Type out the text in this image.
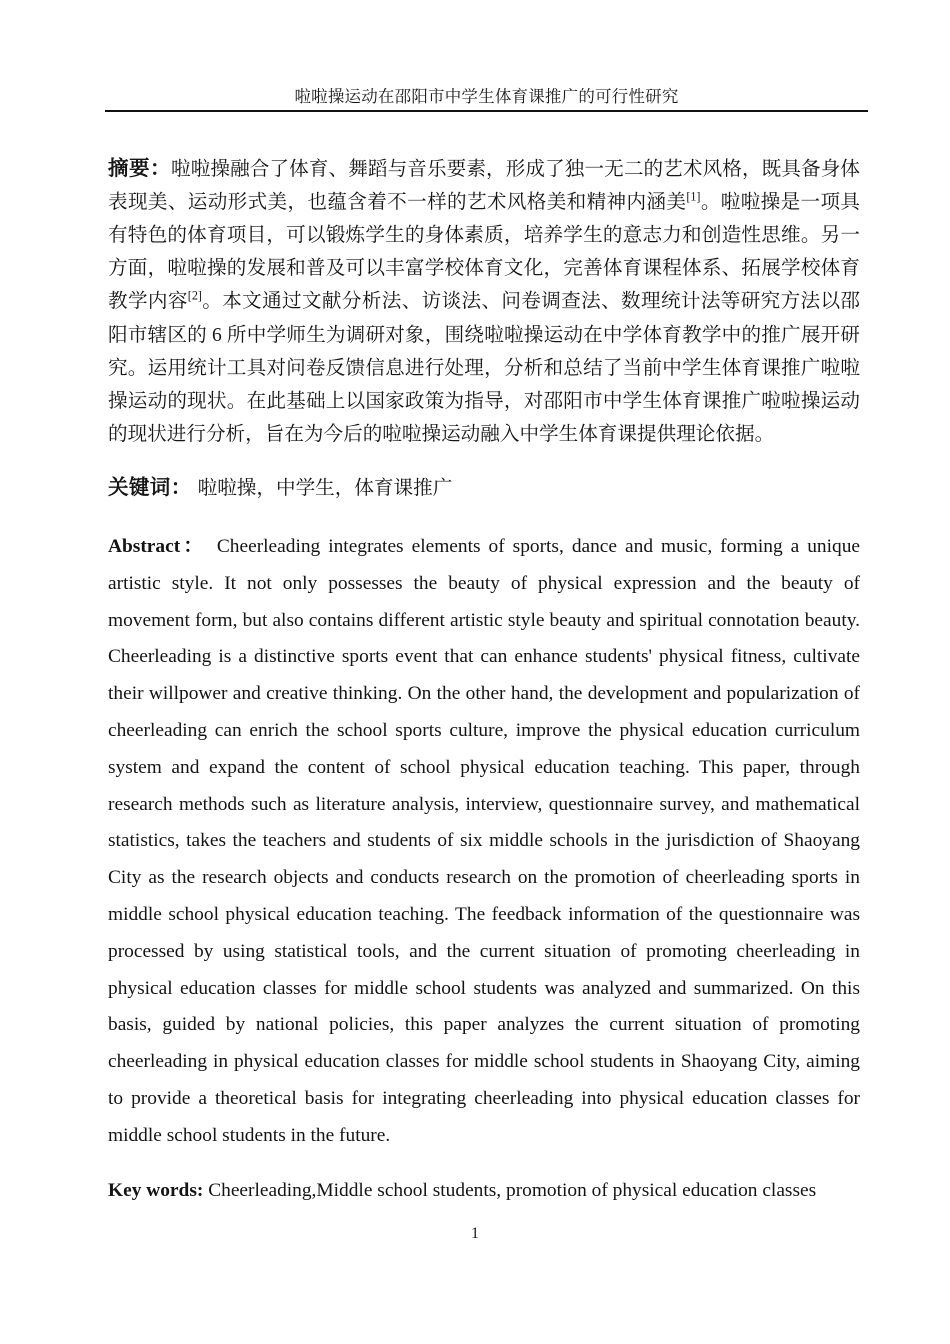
啦啦操运动在邵阳市中学生体育课推广的可行性研究

摘要：啦啦操融合了体育、舞蹈与音乐要素，形成了独一无二的艺术风格，既具备身体表现美、运动形式美，也蕴含着不一样的艺术风格美和精神内涵美[1]。啦啦操是一项具有特色的体育项目，可以锻炼学生的身体素质，培养学生的意志力和创造性思维。另一方面，啦啦操的发展和普及可以丰富学校体育文化，完善体育课程体系、拓展学校体育教学内容[2]。本文通过文献分析法、访谈法、问卷调查法、数理统计法等研究方法以邵阳市辖区的 6 所中学师生为调研对象，围绕啦啦操运动在中学体育教学中的推广展开研究。运用统计工具对问卷反馈信息进行处理，分析和总结了当前中学生体育课推广啦啦操运动的现状。在此基础上以国家政策为指导，对邵阳市中学生体育课推广啦啦操运动的现状进行分析，旨在为今后的啦啦操运动融入中学生体育课提供理论依据。

关键词： 啦啦操，中学生，体育课推广

Abstract： Cheerleading integrates elements of sports, dance and music, forming a unique artistic style. It not only possesses the beauty of physical expression and the beauty of movement form, but also contains different artistic style beauty and spiritual connotation beauty. Cheerleading is a distinctive sports event that can enhance students' physical fitness, cultivate their willpower and creative thinking. On the other hand, the development and popularization of cheerleading can enrich the school sports culture, improve the physical education curriculum system and expand the content of school physical education teaching. This paper, through research methods such as literature analysis, interview, questionnaire survey, and mathematical statistics, takes the teachers and students of six middle schools in the jurisdiction of Shaoyang City as the research objects and conducts research on the promotion of cheerleading sports in middle school physical education teaching. The feedback information of the questionnaire was processed by using statistical tools, and the current situation of promoting cheerleading in physical education classes for middle school students was analyzed and summarized. On this basis, guided by national policies, this paper analyzes the current situation of promoting cheerleading in physical education classes for middle school students in Shaoyang City, aiming to provide a theoretical basis for integrating cheerleading into physical education classes for middle school students in the future.

Key words: Cheerleading,Middle school students, promotion of physical education classes

1
